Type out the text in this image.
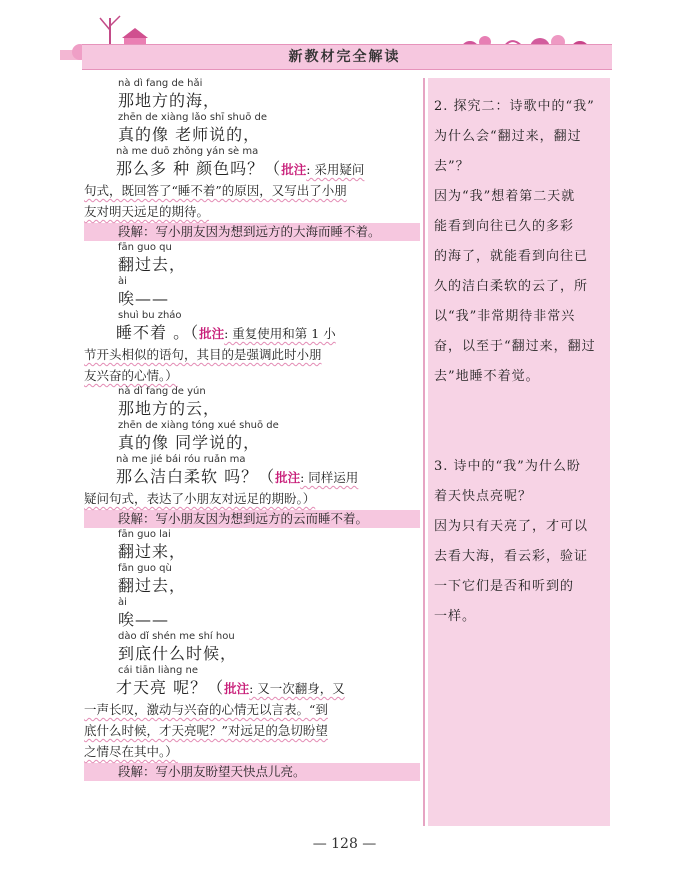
新教材完全解读
nà dì fang de hǎi
那地方的海，
zhēn de xiàng lǎo shī shuō de
真的像 老师说的，
nà me duō zhǒng yán sè ma
那么多 种 颜色吗？（批注: 采用疑问
句式，既回答了“睡不着”的原因，又写出了小朋
友对明天远足的期待。
段解：写小朋友因为想到远方的大海而睡不着。
fān guo qu
翻过去，
ài
唉——
shuì bu zháo
睡不着 。（批注: 重复使用和第 1 小
节开头相似的语句，其目的是强调此时小朋
友兴奋的心情。）
nà dì fang de yún
那地方的云，
zhēn de xiàng tóng xué shuō de
真的像 同学说的，
nà me jié bái róu ruǎn ma
那么洁白柔软 吗？（批注: 同样运用
疑问句式，表达了小朋友对远足的期盼。）
段解：写小朋友因为想到远方的云而睡不着。
fān guo lai
翻过来，
fān guo qù
翻过去，
ài
唉——
dào dǐ shén me shí hou
到底什么时候，
cái tiān liàng ne
才天亮 呢？（批注: 又一次翻身，又
一声长叹，激动与兴奋的心情无以言表。“到
底什么时候，才天亮呢？”对远足的急切盼望
之情尽在其中。）
段解：写小朋友盼望天快点儿亮。
2. 探究二：诗歌中的“我”
为什么会“翻过来，翻过
去”？
因为“我”想着第二天就
能看到向往已久的多彩
的海了，就能看到向往已
久的洁白柔软的云了，所
以“我”非常期待非常兴
奋，以至于“翻过来，翻过
去”地睡不着觉。
3. 诗中的“我”为什么盼
着天快点亮呢？
因为只有天亮了，才可以
去看大海，看云彩，验证
一下它们是否和听到的
一样。
— 128 —
